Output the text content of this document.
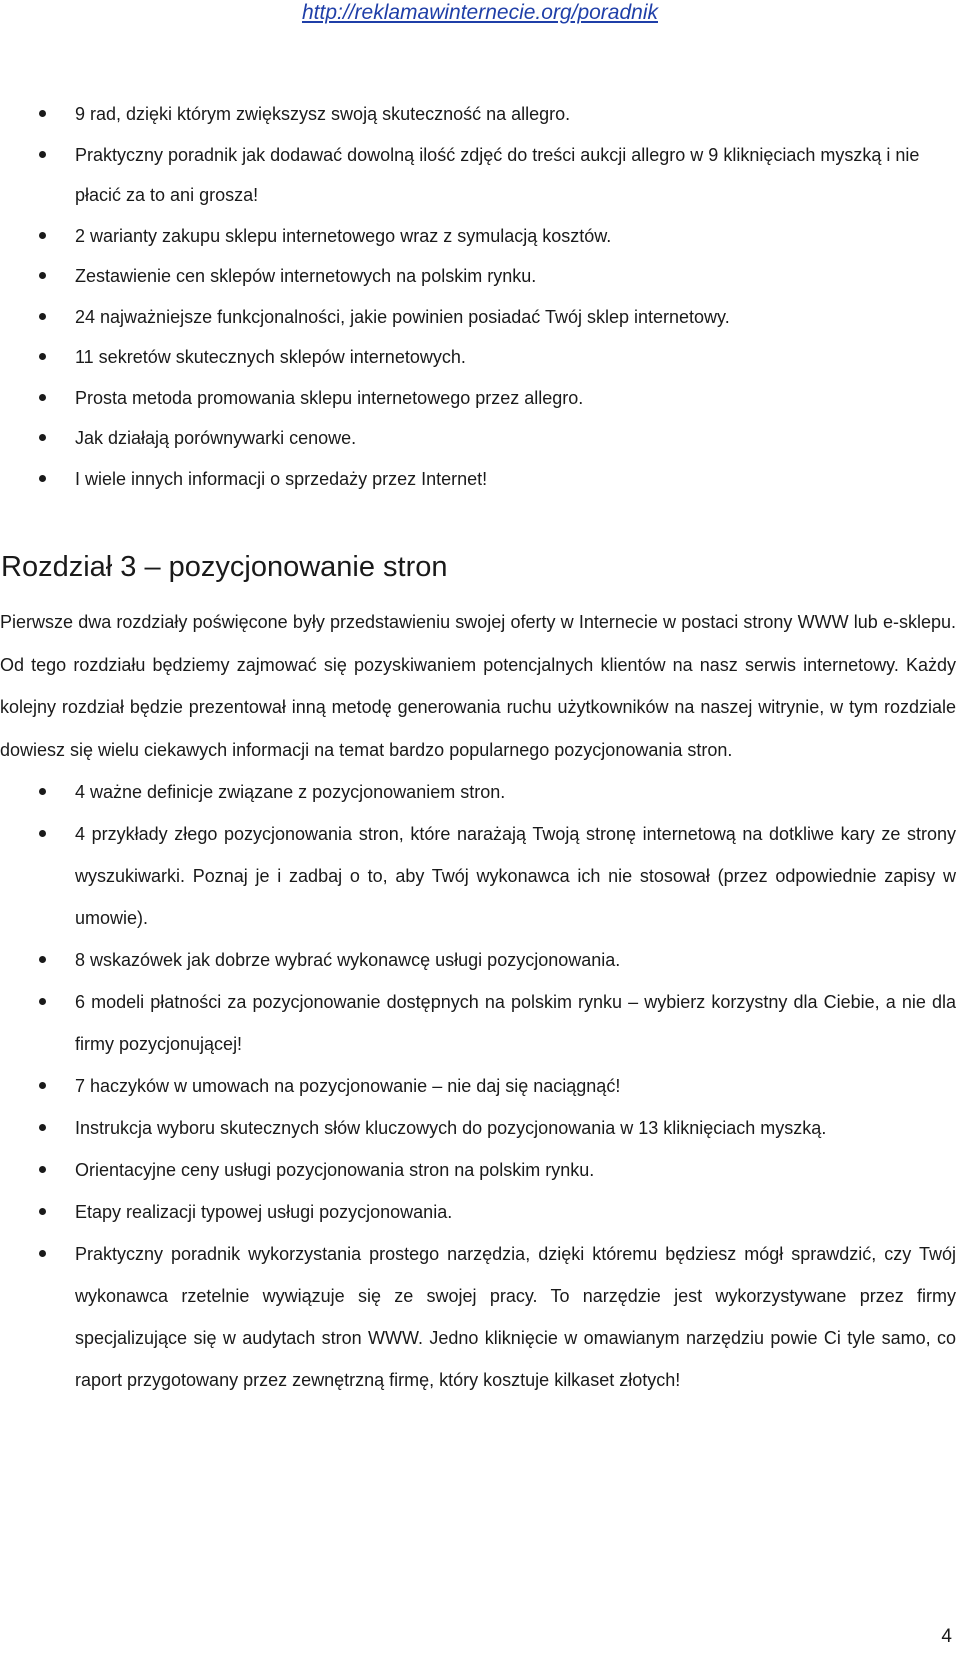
http://reklamawinternecie.org/poradnik
9 rad, dzięki którym zwiększysz swoją skuteczność na allegro.
Praktyczny poradnik jak dodawać dowolną ilość zdjęć do treści aukcji allegro w 9 kliknięciach myszką i nie płacić za to ani grosza!
2 warianty zakupu sklepu internetowego wraz z symulacją kosztów.
Zestawienie cen sklepów internetowych na polskim rynku.
24 najważniejsze funkcjonalności, jakie powinien posiadać Twój sklep internetowy.
11 sekretów skutecznych sklepów internetowych.
Prosta metoda promowania sklepu internetowego przez allegro.
Jak działają porównywarki cenowe.
I wiele innych informacji o sprzedaży przez Internet!
Rozdział 3 – pozycjonowanie stron

Pierwsze dwa rozdziały poświęcone były przedstawieniu swojej oferty w Internecie w postaci strony WWW lub e-sklepu. Od tego rozdziału będziemy zajmować się pozyskiwaniem potencjalnych klientów na nasz serwis internetowy. Każdy kolejny rozdział będzie prezentował inną metodę generowania ruchu użytkowników na naszej witrynie, w tym rozdziale dowiesz się wielu ciekawych informacji na temat bardzo popularnego pozycjonowania stron.

4 ważne definicje związane z pozycjonowaniem stron.
4 przykłady złego pozycjonowania stron, które narażają Twoją stronę internetową na dotkliwe kary ze strony wyszukiwarki. Poznaj je i zadbaj o to, aby Twój wykonawca ich nie stosował (przez odpowiednie zapisy w umowie).
8 wskazówek jak dobrze wybrać wykonawcę usługi pozycjonowania.
6 modeli płatności za pozycjonowanie dostępnych na polskim rynku – wybierz korzystny dla Ciebie, a nie dla firmy pozycjonującej!
7 haczyków w umowach na pozycjonowanie – nie daj się naciągnąć!
Instrukcja wyboru skutecznych słów kluczowych do pozycjonowania w 13 kliknięciach myszką.
Orientacyjne ceny usługi pozycjonowania stron na polskim rynku.
Etapy realizacji typowej usługi pozycjonowania.
Praktyczny poradnik wykorzystania prostego narzędzia, dzięki któremu będziesz mógł sprawdzić, czy Twój wykonawca rzetelnie wywiązuje się ze swojej pracy. To narzędzie jest wykorzystywane przez firmy specjalizujące się w audytach stron WWW. Jedno kliknięcie w omawianym narzędziu powie Ci tyle samo, co raport przygotowany przez zewnętrzną firmę, który kosztuje kilkaset złotych!
4
